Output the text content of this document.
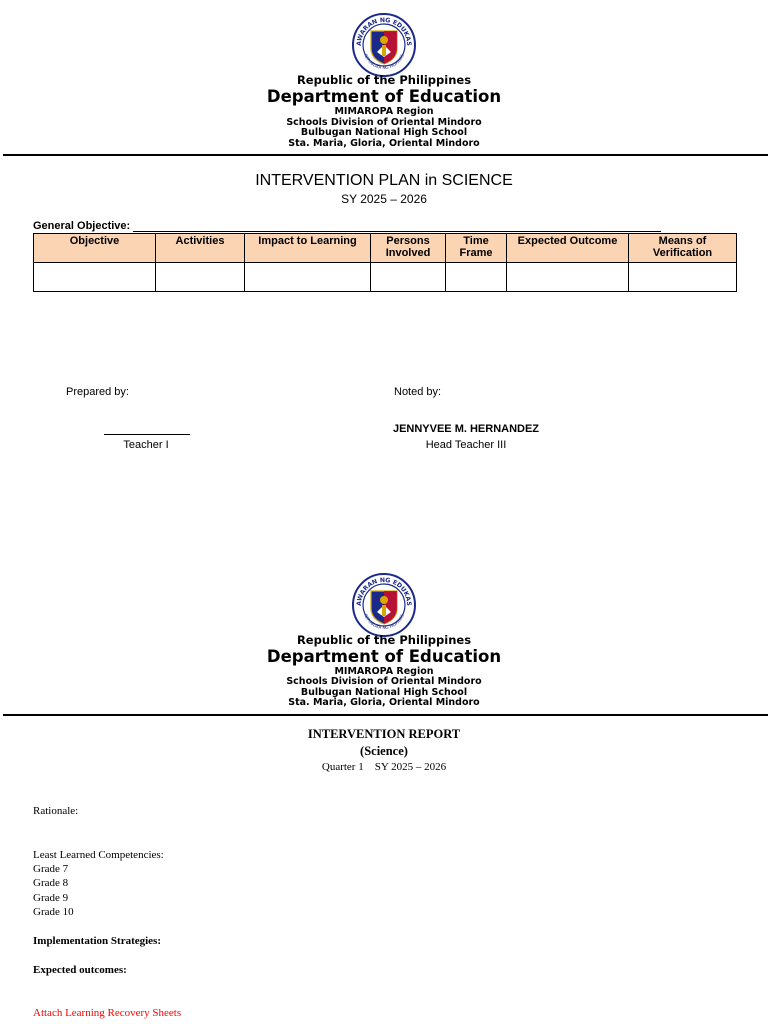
AWARAN NG EDUKAS
REPUBLIKA NG PILIPINAS
Republic of the Philippines
Department of Education
MIMAROPA Region
Schools Division of Oriental Mindoro
Bulbugan National High School
Sta. Maria, Gloria, Oriental Mindoro
INTERVENTION PLAN in SCIENCE
SY 2025 – 2026
General Objective:
Objective	Activities	Impact to Learning	Persons Involved	Time Frame	Expected Outcome	Means of Verification

Prepared by:
Teacher I
Noted by:
JENNYVEE M. HERNANDEZ
Head Teacher III
AWARAN NG EDUKAS
REPUBLIKA NG PILIPINAS
Republic of the Philippines
Department of Education
MIMAROPA Region
Schools Division of Oriental Mindoro
Bulbugan National High School
Sta. Maria, Gloria, Oriental Mindoro
INTERVENTION REPORT
(Science)
Quarter 1 SY 2025 – 2026
Rationale:
Least Learned Competencies:
Grade 7
Grade 8
Grade 9
Grade 10
Implementation Strategies:
Expected outcomes:
Attach Learning Recovery Sheets
